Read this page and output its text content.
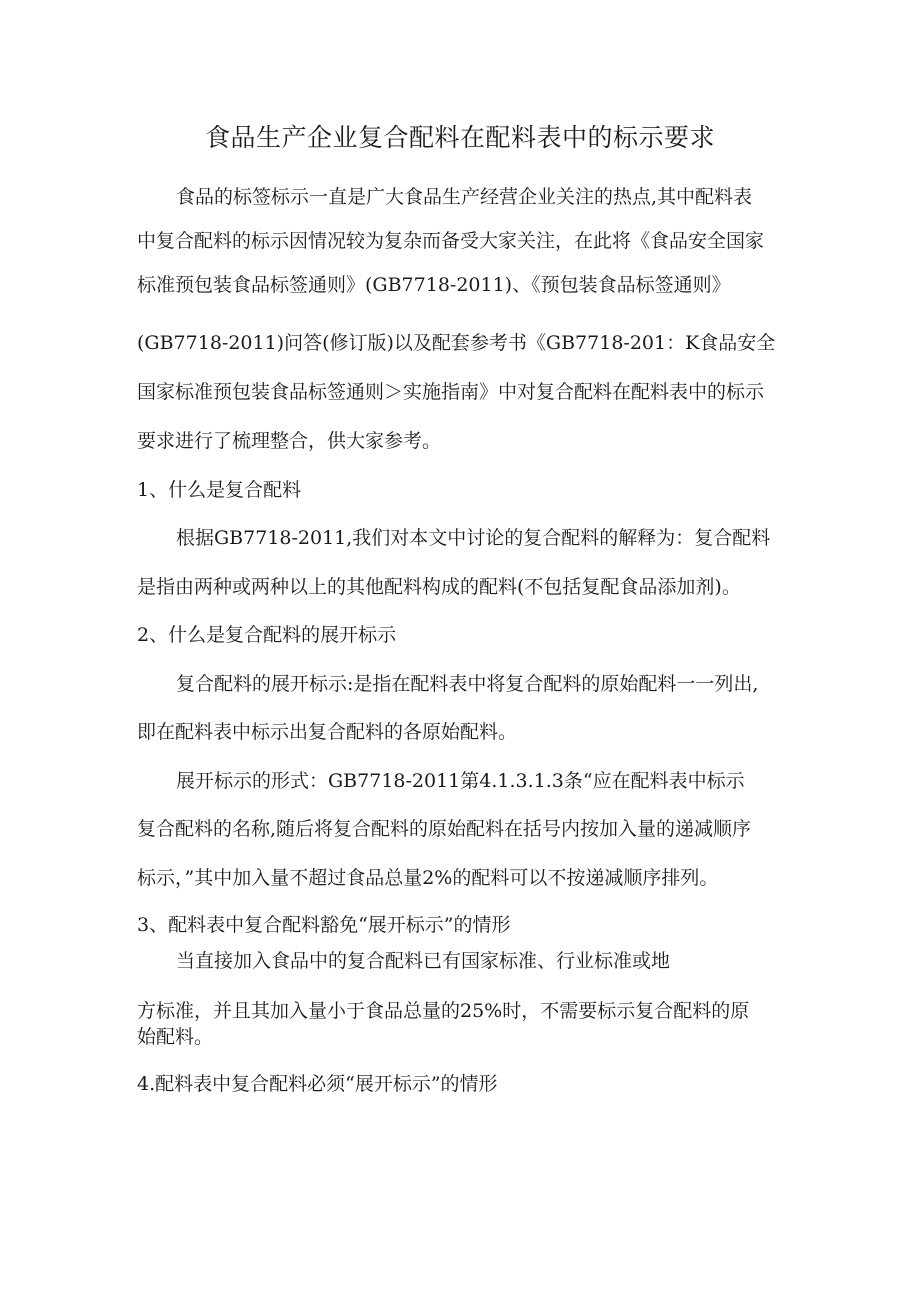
食品生产企业复合配料在配料表中的标示要求

食品的标签标示一直是广大食品生产经营企业关注的热点,其中配料表

中复合配料的标示因情况较为复杂而备受大家关注，在此将《食品安全国家

标准预包装食品标签通则》(GB7718-2011)、《预包装食品标签通则》

(GB7718-2011)问答(修订版)以及配套参考书《GB7718-201：K食品安全

国家标准预包装食品标签通则＞实施指南》中对复合配料在配料表中的标示

要求进行了梳理整合，供大家参考。

1、什么是复合配料

根据GB7718-2011,我们对本文中讨论的复合配料的解释为：复合配料

是指由两种或两种以上的其他配料构成的配料(不包括复配食品添加剂)。

2、什么是复合配料的展开标示

复合配料的展开标示:是指在配料表中将复合配料的原始配料一一列出,

即在配料表中标示出复合配料的各原始配料。

展开标示的形式：GB7718-2011第4.1.3.1.3条“应在配料表中标示

复合配料的名称,随后将复合配料的原始配料在括号内按加入量的递减顺序

标示，”其中加入量不超过食品总量2%的配料可以不按递减顺序排列。

3、配料表中复合配料豁免“展开标示”的情形

当直接加入食品中的复合配料已有国家标准、行业标准或地

方标准，并且其加入量小于食品总量的25%时，不需要标示复合配料的原

始配料。

4.配料表中复合配料必须“展开标示”的情形
